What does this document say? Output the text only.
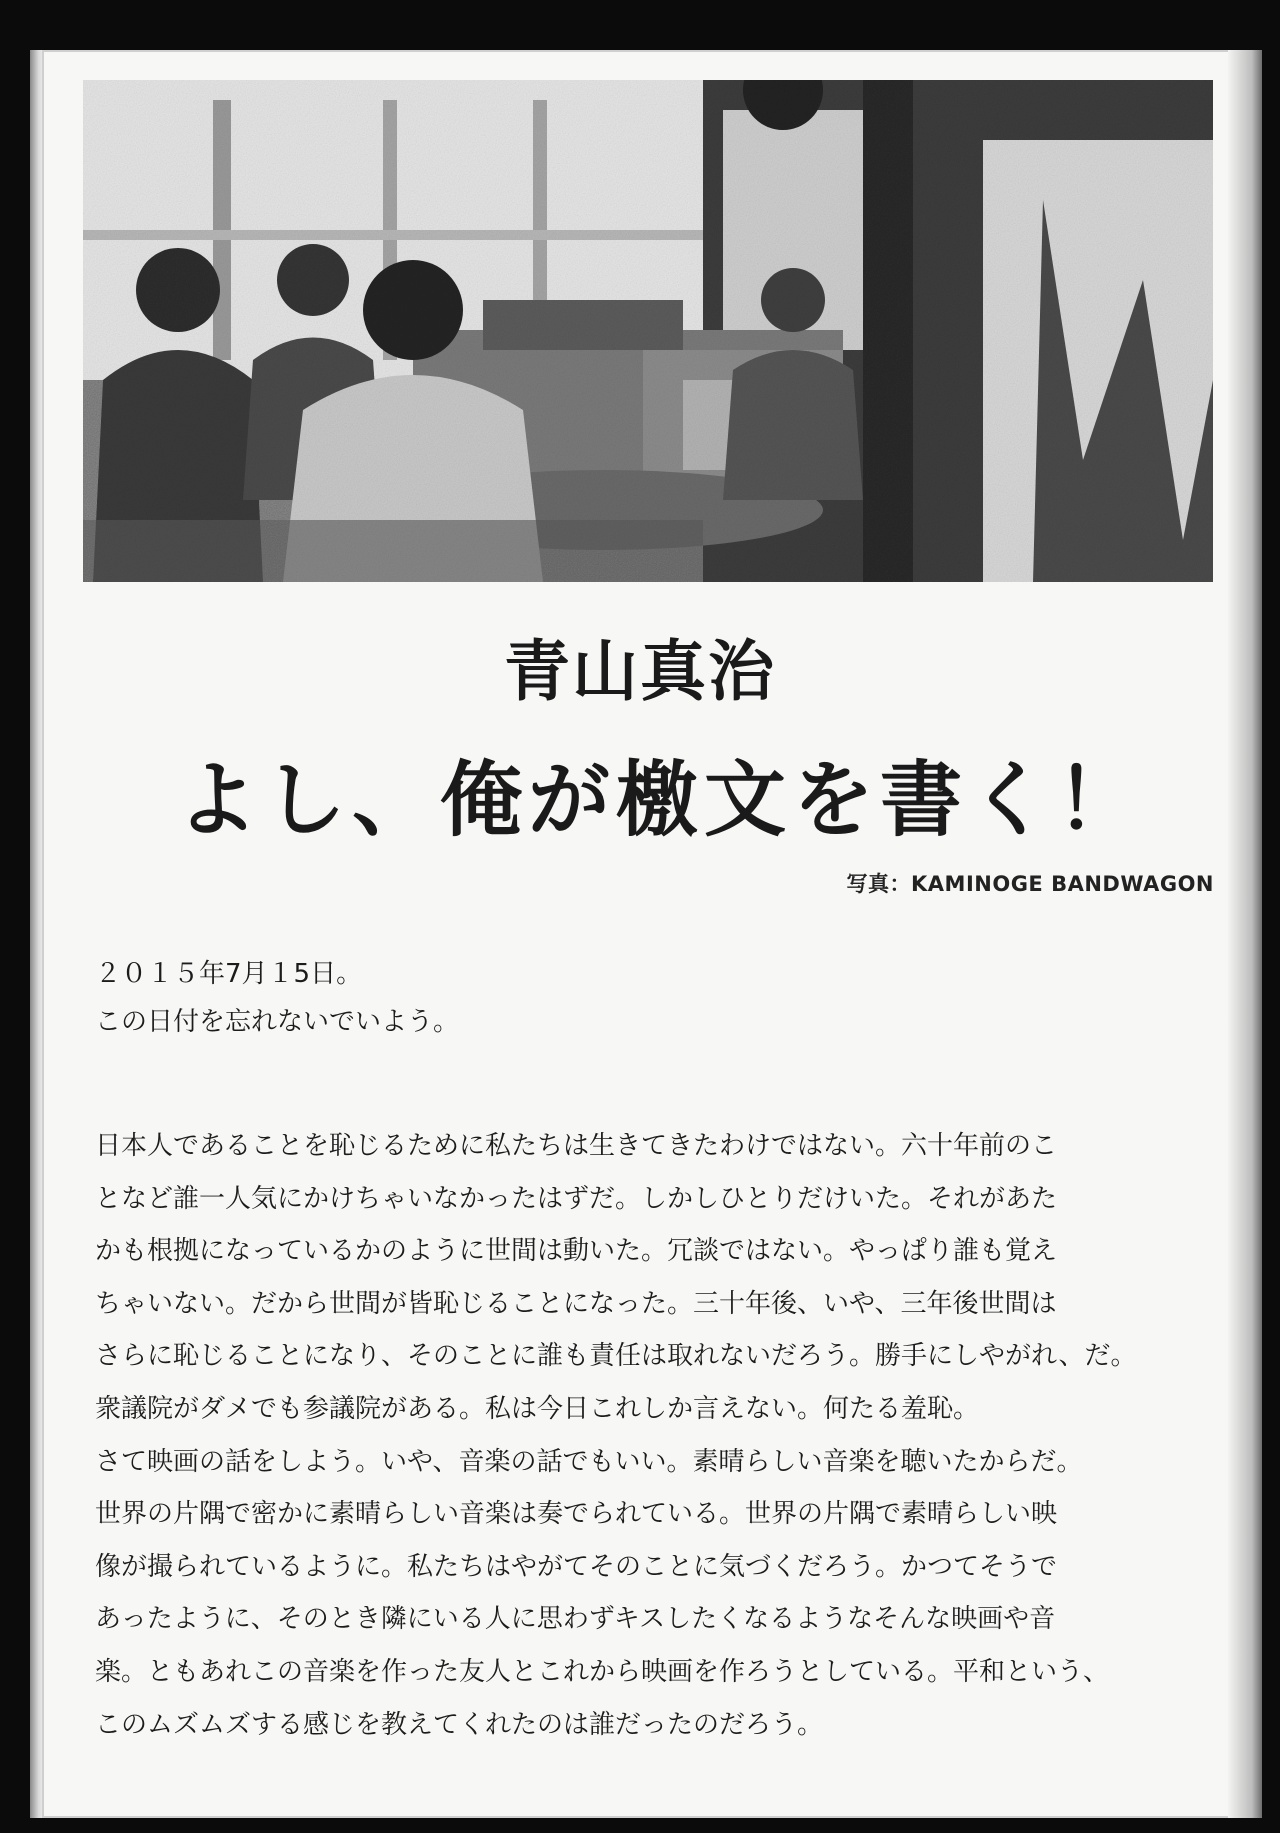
青山真治
よし、俺が檄文を書く！
写真：KAMINOGE BANDWAGON
２０１５年7月１5日。
この日付を忘れないでいよう。
日本人であることを恥じるために私たちは生きてきたわけではない。六十年前のこ
となど誰一人気にかけちゃいなかったはずだ。しかしひとりだけいた。それがあた
かも根拠になっているかのように世間は動いた。冗談ではない。やっぱり誰も覚え
ちゃいない。だから世間が皆恥じることになった。三十年後、いや、三年後世間は
さらに恥じることになり、そのことに誰も責任は取れないだろう。勝手にしやがれ、だ。
衆議院がダメでも参議院がある。私は今日これしか言えない。何たる羞恥。
さて映画の話をしよう。いや、音楽の話でもいい。素晴らしい音楽を聴いたからだ。
世界の片隅で密かに素晴らしい音楽は奏でられている。世界の片隅で素晴らしい映
像が撮られているように。私たちはやがてそのことに気づくだろう。かつてそうで
あったように、そのとき隣にいる人に思わずキスしたくなるようなそんな映画や音
楽。ともあれこの音楽を作った友人とこれから映画を作ろうとしている。平和という、
このムズムズする感じを教えてくれたのは誰だったのだろう。
